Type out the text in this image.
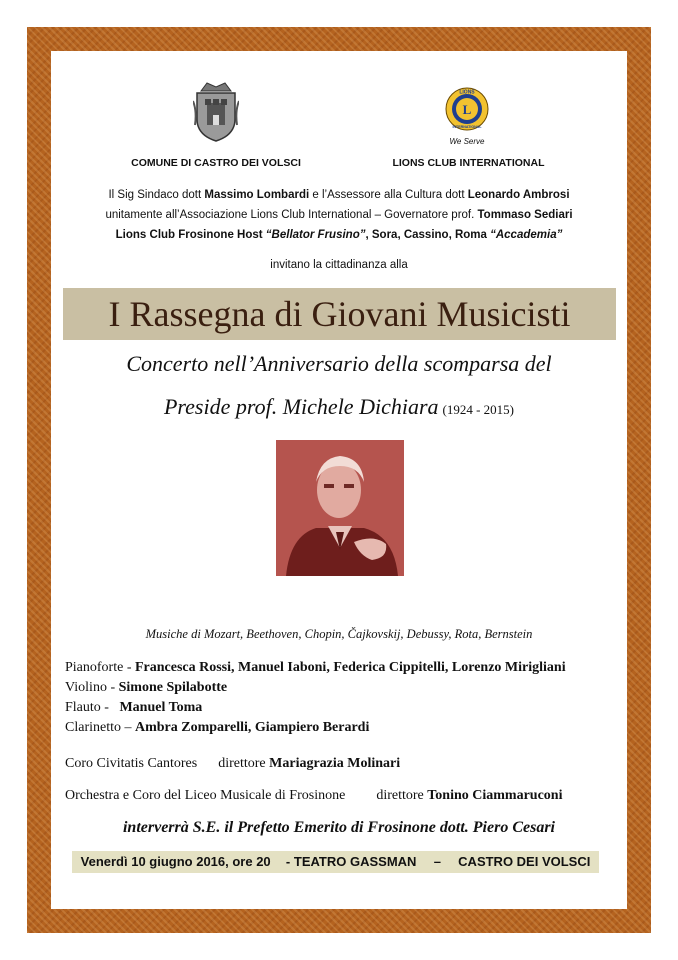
L
LIONS
INTERNATIONAL
We Serve
COMUNE DI CASTRO DEI VOLSCI	LIONS CLUB INTERNATIONAL
Il Sig Sindaco dott Massimo Lombardi e l’Assessore alla Cultura dott Leonardo Ambrosi
unitamente all’Associazione Lions Club International – Governatore prof. Tommaso Sediari
Lions Club Frosinone Host “Bellator Frusino”, Sora, Cassino, Roma “Accademia”
invitano la cittadinanza alla
I Rassegna di Giovani Musicisti
Concerto nell’Anniversario della scomparsa del
Preside prof. Michele Dichiara (1924 - 2015)
Musiche di Mozart, Beethoven, Chopin, Čajkovskij, Debussy, Rota, Bernstein
Pianoforte - Francesca Rossi, Manuel Iaboni, Federica Cippitelli, Lorenzo Mirigliani
Violino - Simone Spilabotte
Flauto -   Manuel Toma
Clarinetto – Ambra Zomparelli, Giampiero Berardi
Coro Civitatis Cantores direttore Mariagrazia Molinari
Orchestra e Coro del Liceo Musicale di Frosinone direttore Tonino Ciammaruconi
interverrà S.E. il Prefetto Emerito di Frosinone dott. Piero Cesari
Venerdì 10 giugno 2016, ore 20 - TEATRO GASSMAN – CASTRO DEI VOLSCI
